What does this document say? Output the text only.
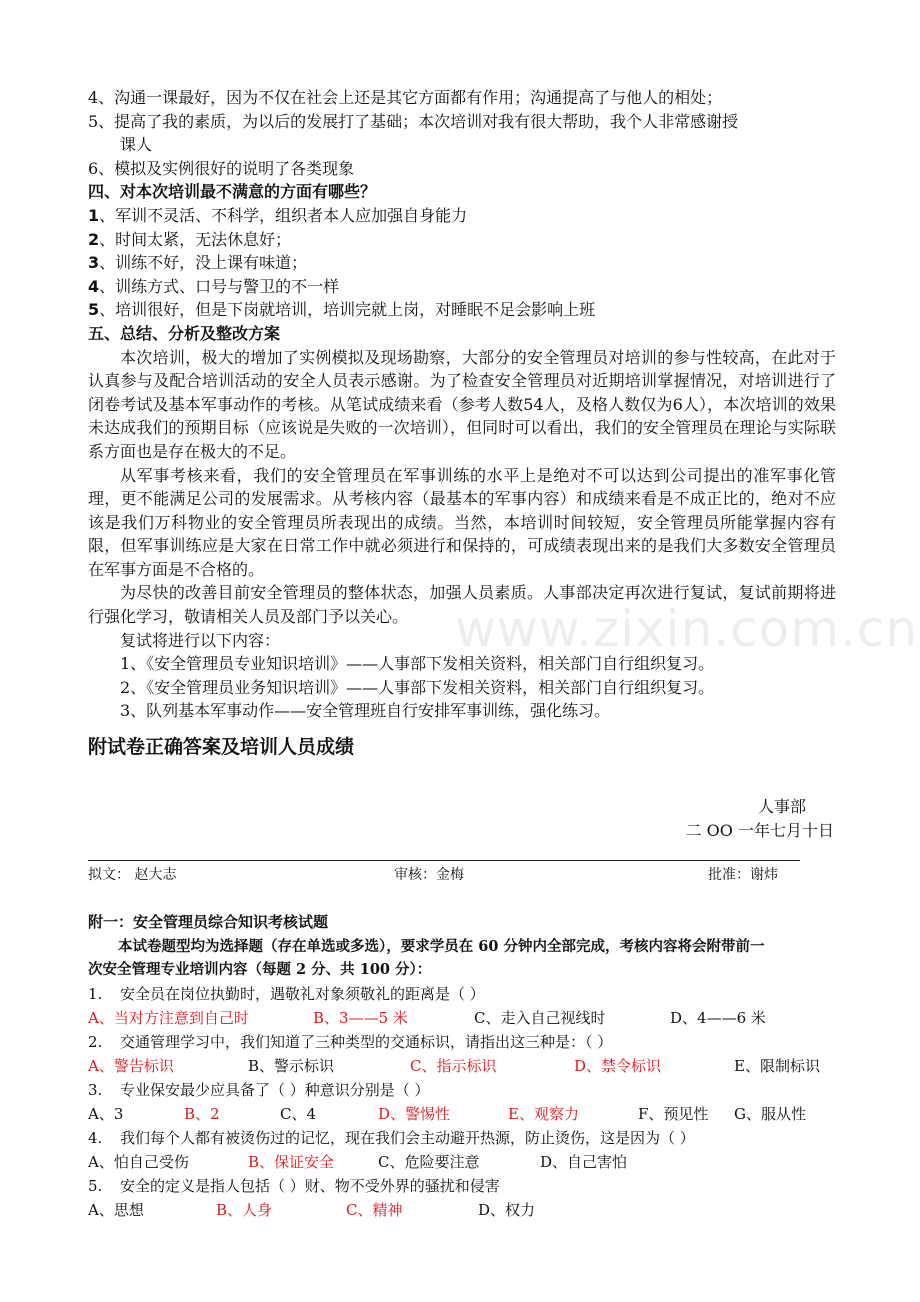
www.zixin.com.cn
4、沟通一课最好，因为不仅在社会上还是其它方面都有作用；沟通提高了与他人的相处；
5、提高了我的素质，为以后的发展打了基础；本次培训对我有很大帮助，我个人非常感谢授
课人
6、模拟及实例很好的说明了各类现象
四、对本次培训最不满意的方面有哪些？
1、军训不灵活、不科学，组织者本人应加强自身能力
2、时间太紧，无法休息好；
3、训练不好，没上课有味道；
4、训练方式、口号与警卫的不一样
5、培训很好，但是下岗就培训，培训完就上岗，对睡眠不足会影响上班
五、总结、分析及整改方案
本次培训，极大的增加了实例模拟及现场勘察，大部分的安全管理员对培训的参与性较高，在此对于认真参与及配合培训活动的安全人员表示感谢。为了检查安全管理员对近期培训掌握情况，对培训进行了闭卷考试及基本军事动作的考核。从笔试成绩来看（参考人数54人，及格人数仅为6人），本次培训的效果未达成我们的预期目标（应该说是失败的一次培训），但同时可以看出，我们的安全管理员在理论与实际联系方面也是存在极大的不足。
从军事考核来看，我们的安全管理员在军事训练的水平上是绝对不可以达到公司提出的准军事化管理，更不能满足公司的发展需求。从考核内容（最基本的军事内容）和成绩来看是不成正比的，绝对不应该是我们万科物业的安全管理员所表现出的成绩。当然，本培训时间较短，安全管理员所能掌握内容有限，但军事训练应是大家在日常工作中就必须进行和保持的，可成绩表现出来的是我们大多数安全管理员在军事方面是不合格的。
为尽快的改善目前安全管理员的整体状态，加强人员素质。人事部决定再次进行复试，复试前期将进行强化学习，敬请相关人员及部门予以关心。
复试将进行以下内容：
1、《安全管理员专业知识培训》——人事部下发相关资料，相关部门自行组织复习。
2、《安全管理员业务知识培训》——人事部下发相关资料，相关部门自行组织复习。
3、队列基本军事动作——安全管理班自行安排军事训练，强化练习。
附试卷正确答案及培训人员成绩
人事部
二 OO 一年七月十日
拟文： 赵大志	审核：金梅	批准：谢炜
附一：安全管理员综合知识考核试题
本试卷题型均为选择题（存在单选或多选），要求学员在 60 分钟内全部完成，考核内容将会附带前一
次安全管理专业培训内容（每题 2 分、共 100 分）：
1. 安全员在岗位执勤时，遇敬礼对象须敬礼的距离是（ ）
A、当对方注意到自己时	B、3——5 米	C、走入自己视线时	D、4——6 米
2. 交通管理学习中，我们知道了三种类型的交通标识，请指出这三种是：（ ）
A、警告标识	B、警示标识	C、指示标识	D、禁令标识	E、限制标识
3. 专业保安最少应具备了（ ）种意识分别是（ ）
A、3	B、2	C、4	D、警惕性	E、观察力	F、预见性 G、服从性
4. 我们每个人都有被烫伤过的记忆，现在我们会主动避开热源，防止烫伤，这是因为（ ）
A、怕自己受伤	B、保证安全	C、危险要注意	D、自己害怕
5. 安全的定义是指人包括（ ）财、物不受外界的骚扰和侵害
A、思想	B、人身	C、精神	D、权力
